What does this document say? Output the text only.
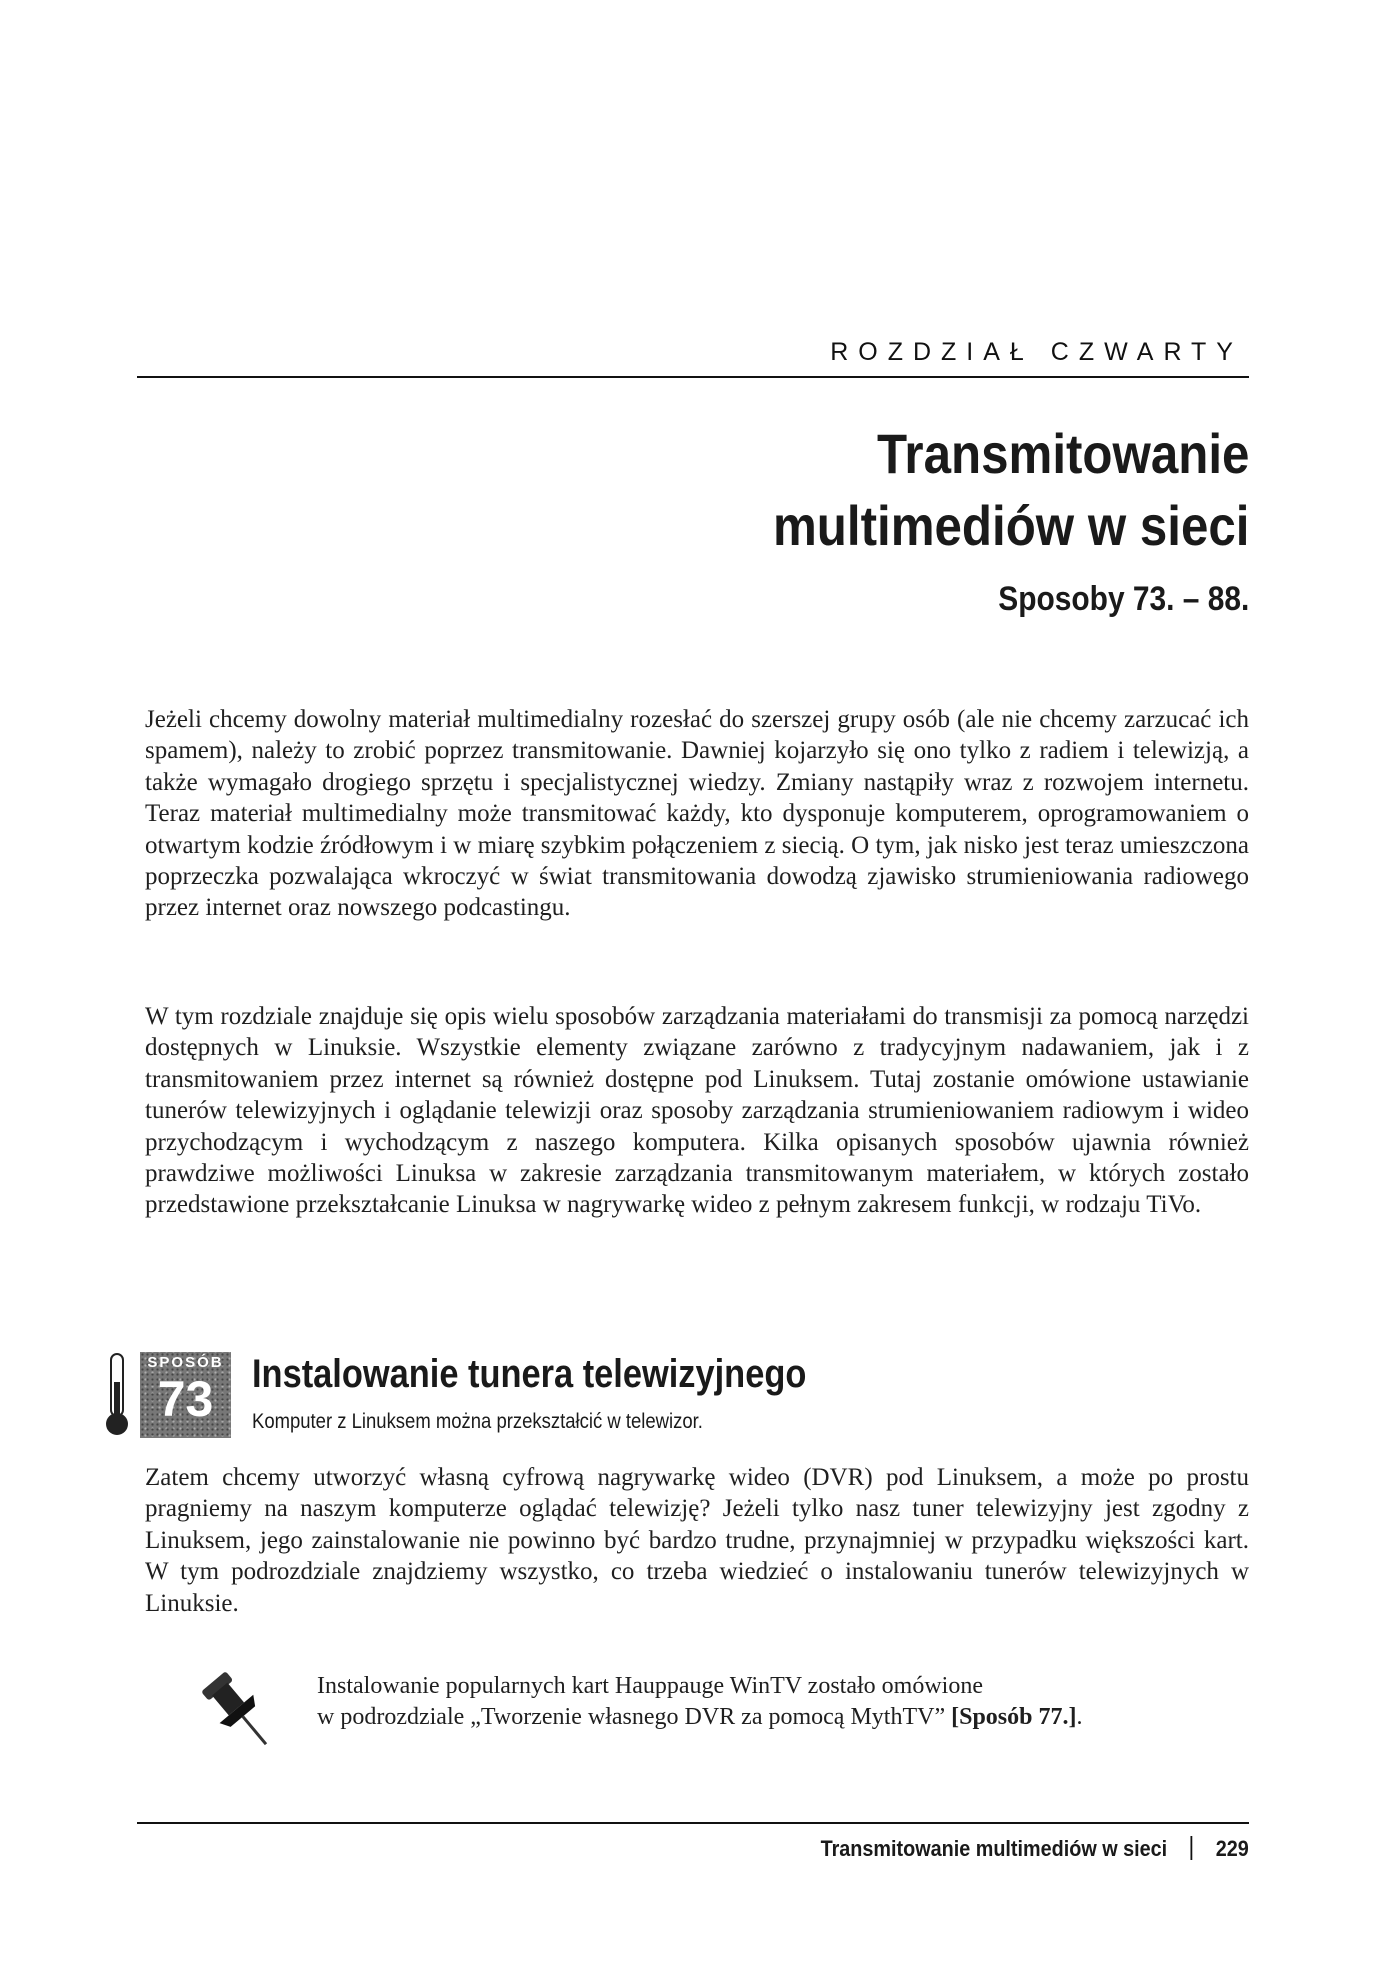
ROZDZIAŁ CZWARTY
Transmitowanie
multimediów w sieci
Sposoby 73. – 88.

Jeżeli chcemy dowolny materiał multimedialny rozesłać do szerszej grupy osób (ale nie chcemy zarzucać ich spamem), należy to zrobić poprzez transmitowanie. Dawniej kojarzyło się ono tylko z radiem i telewizją, a także wymagało drogiego sprzętu i specjalistycznej wiedzy. Zmiany nastąpiły wraz z rozwojem internetu. Teraz materiał multimedialny może transmitować każdy, kto dysponuje komputerem, oprogramowaniem o otwartym kodzie źródłowym i w miarę szybkim połączeniem z siecią. O tym, jak nisko jest teraz umieszczona poprzeczka pozwalająca wkroczyć w świat transmitowania dowodzą zjawisko strumieniowania radiowego przez internet oraz nowszego podcastingu.

W tym rozdziale znajduje się opis wielu sposobów zarządzania materiałami do transmisji za pomocą narzędzi dostępnych w Linuksie. Wszystkie elementy związane zarówno z tradycyjnym nadawaniem, jak i z transmitowaniem przez internet są również dostępne pod Linuksem. Tutaj zostanie omówione ustawianie tunerów telewizyjnych i oglądanie telewizji oraz sposoby zarządzania strumieniowaniem radiowym i wideo przychodzącym i wychodzącym z naszego komputera. Kilka opisanych sposobów ujawnia również prawdziwe możliwości Linuksa w zakresie zarządzania transmitowanym materiałem, w których zostało przedstawione przekształcanie Linuksa w nagrywarkę wideo z pełnym zakresem funkcji, w rodzaju TiVo.

SPOSÓB
73 Instalowanie tunera telewizyjnego
Komputer z Linuksem można przekształcić w telewizor.

Zatem chcemy utworzyć własną cyfrową nagrywarkę wideo (DVR) pod Linuksem, a może po prostu pragniemy na naszym komputerze oglądać telewizję? Jeżeli tylko nasz tuner telewizyjny jest zgodny z Linuksem, jego zainstalowanie nie powinno być bardzo trudne, przynajmniej w przypadku większości kart. W tym podrozdziale znajdziemy wszystko, co trzeba wiedzieć o instalowaniu tunerów telewizyjnych w Linuksie.

Instalowanie popularnych kart Hauppauge WinTV zostało omówione
w podrozdziale „Tworzenie własnego DVR za pomocą MythTV” [Sposób 77.].
Transmitowanie multimediów w sieci 229
